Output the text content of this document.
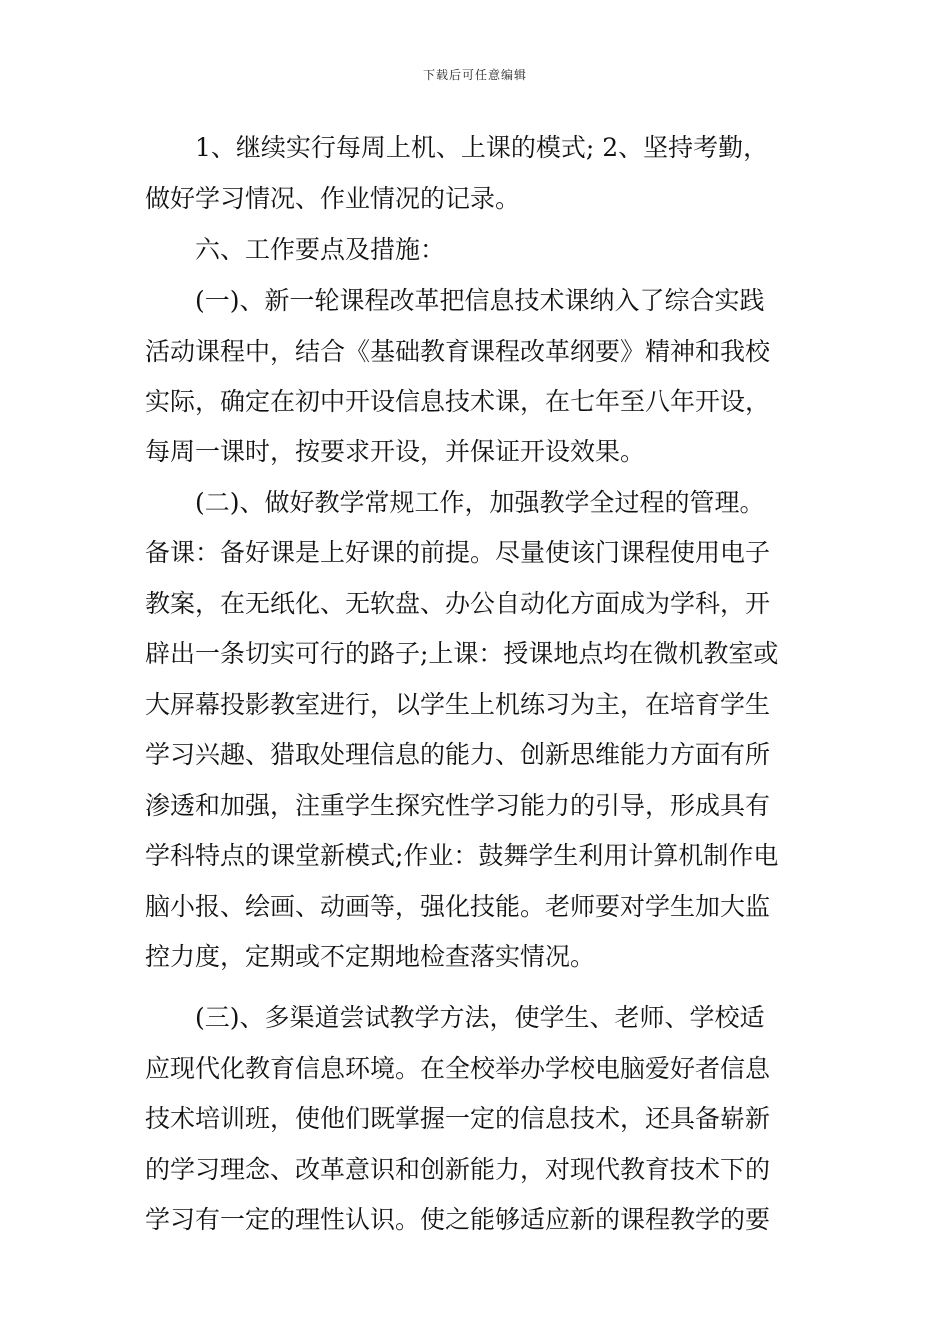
下载后可任意编辑
　　1、继续实行每周上机、上课的模式; 2、坚持考勤，
做好学习情况、作业情况的记录。
　　六、工作要点及措施：
　　(一)、新一轮课程改革把信息技术课纳入了综合实践
活动课程中，结合《基础教育课程改革纲要》精神和我校
实际，确定在初中开设信息技术课，在七年至八年开设，
每周一课时，按要求开设，并保证开设效果。
　　(二)、做好教学常规工作，加强教学全过程的管理。
备课：备好课是上好课的前提。尽量使该门课程使用电子
教案，在无纸化、无软盘、办公自动化方面成为学科，开
辟出一条切实可行的路子;上课：授课地点均在微机教室或
大屏幕投影教室进行，以学生上机练习为主，在培育学生
学习兴趣、猎取处理信息的能力、创新思维能力方面有所
渗透和加强，注重学生探究性学习能力的引导，形成具有
学科特点的课堂新模式;作业：鼓舞学生利用计算机制作电
脑小报、绘画、动画等，强化技能。老师要对学生加大监
控力度，定期或不定期地检查落实情况。
　　(三)、多渠道尝试教学方法，使学生、老师、学校适
应现代化教育信息环境。在全校举办学校电脑爱好者信息
技术培训班，使他们既掌握一定的信息技术，还具备崭新
的学习理念、改革意识和创新能力，对现代教育技术下的
学习有一定的理性认识。使之能够适应新的课程教学的要
